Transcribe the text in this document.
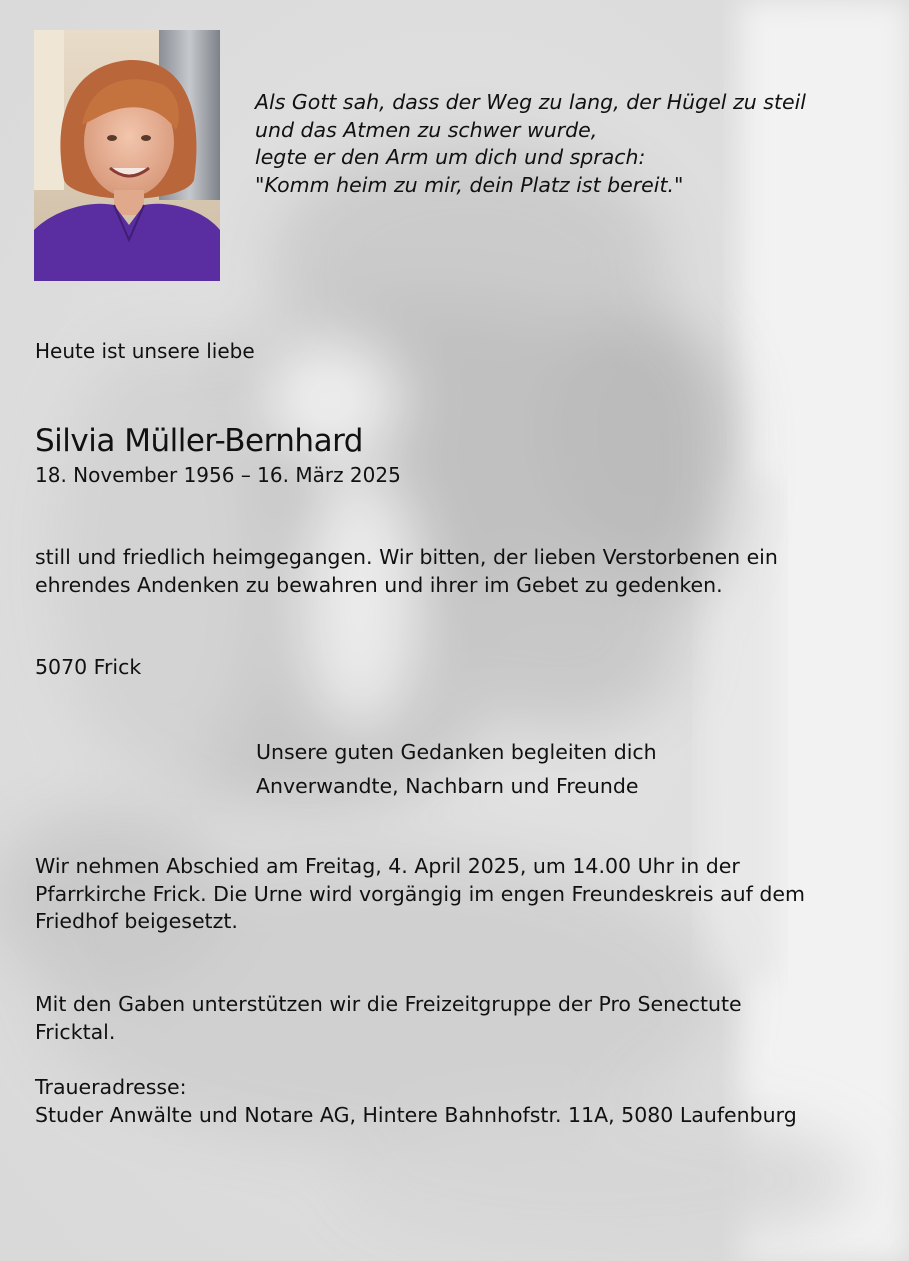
Als Gott sah, dass der Weg zu lang, der Hügel zu steil
und das Atmen zu schwer wurde,
legte er den Arm um dich und sprach:
"Komm heim zu mir, dein Platz ist bereit."

Heute ist unsere liebe

Silvia Müller-Bernhard

18. November 1956 – 16. März 2025

still und friedlich heimgegangen. Wir bitten, der lieben Verstorbenen ein
ehrendes Andenken zu bewahren und ihrer im Gebet zu gedenken.

5070 Frick

Unsere guten Gedanken begleiten dich
Anverwandte, Nachbarn und Freunde
Wir nehmen Abschied am Freitag, 4. April 2025, um 14.00 Uhr in der
Pfarrkirche Frick. Die Urne wird vorgängig im engen Freundeskreis auf dem
Friedhof beigesetzt.
Mit den Gaben unterstützen wir die Freizeitgruppe der Pro Senectute
Fricktal.
Traueradresse:
Studer Anwälte und Notare AG, Hintere Bahnhofstr. 11A, 5080 Laufenburg
